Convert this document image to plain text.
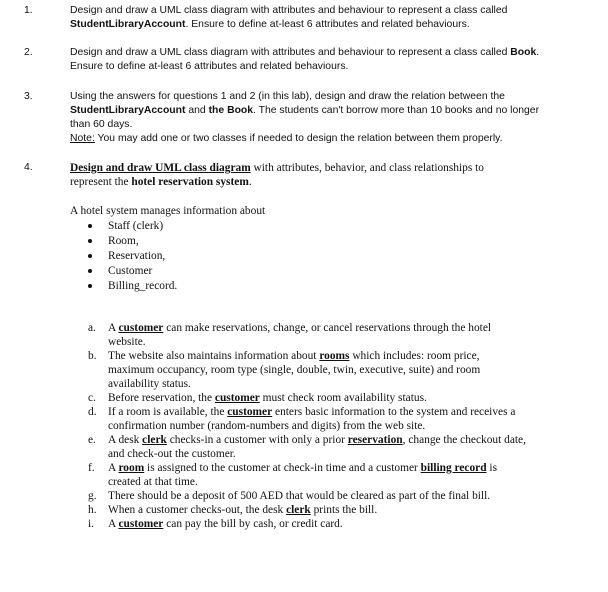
1.	Design and draw a UML class diagram with attributes and behaviour to represent a class called
StudentLibraryAccount. Ensure to define at-least 6 attributes and related behaviours.
2.	Design and draw a UML class diagram with attributes and behaviour to represent a class called Book.
Ensure to define at-least 6 attributes and related behaviours.
3.	Using the answers for questions 1 and 2 (in this lab), design and draw the relation between the
StudentLibraryAccount and the Book. The students can't borrow more than 10 books and no longer
than 60 days.
Note: You may add one or two classes if needed to design the relation between them properly.
4.	Design and draw UML class diagram with attributes, behavior, and class relationships to
represent the hotel reservation system.
A hotel system manages information about
Staff (clerk)
Room,
Reservation,
Customer
Billing_record.
a. A customer can make reservations, change, or cancel reservations through the hotel
website.
b. The website also maintains information about rooms which includes: room price,
maximum occupancy, room type (single, double, twin, executive, suite) and room
availability status.
c. Before reservation, the customer must check room availability status.
d. If a room is available, the customer enters basic information to the system and receives a
confirmation number (random-numbers and digits) from the web site.
e. A desk clerk checks-in a customer with only a prior reservation, change the checkout date,
and check-out the customer.
f. A room is assigned to the customer at check-in time and a customer billing record is
created at that time.
g. There should be a deposit of 500 AED that would be cleared as part of the final bill.
h. When a customer checks-out, the desk clerk prints the bill.
i. A customer can pay the bill by cash, or credit card.
